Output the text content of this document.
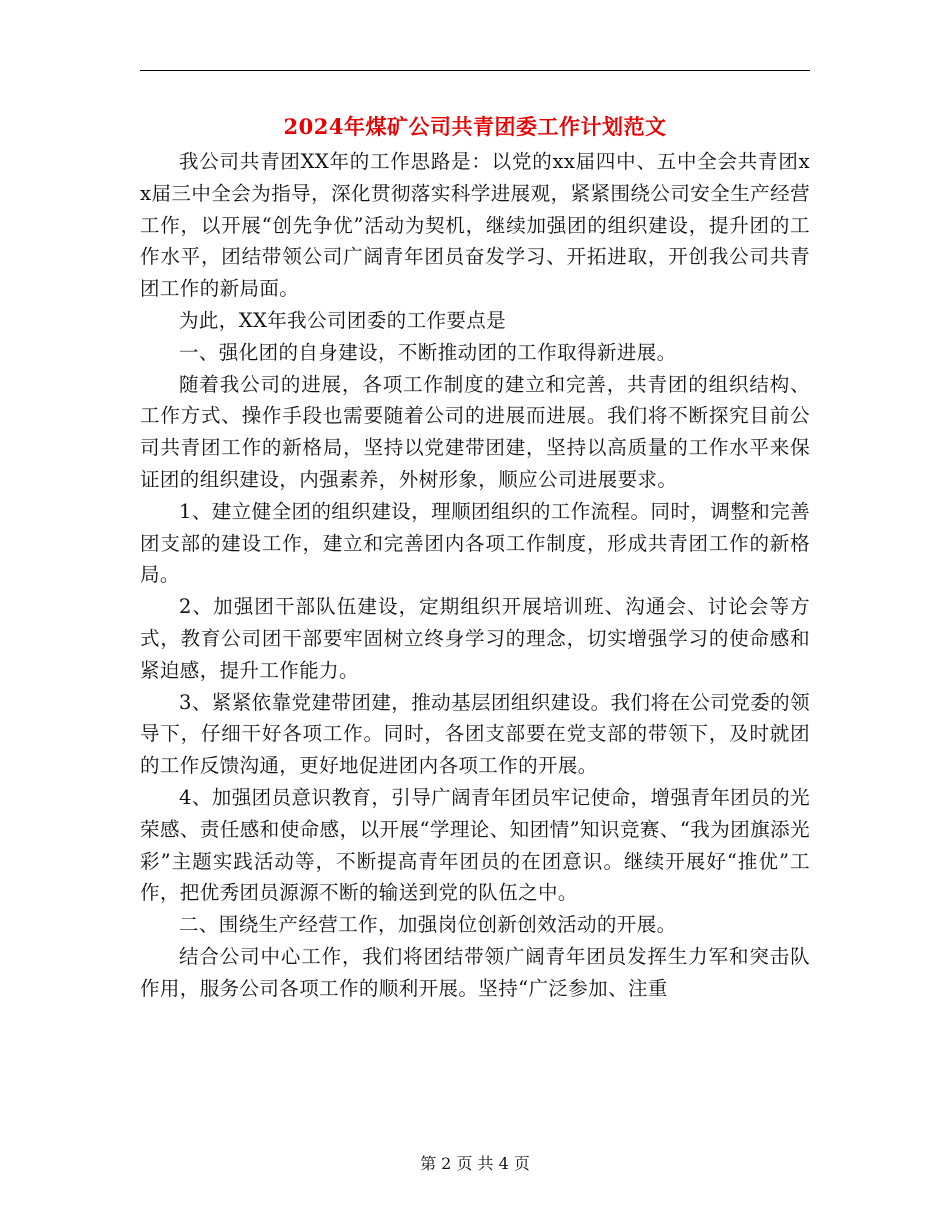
2024年煤矿公司共青团委工作计划范文

我公司共青团XX年的工作思路是：以党的xx届四中、五中全会共青团xx届三中全会为指导，深化贯彻落实科学进展观，紧紧围绕公司安全生产经营工作，以开展“创先争优”活动为契机，继续加强团的组织建设，提升团的工作水平，团结带领公司广阔青年团员奋发学习、开拓进取，开创我公司共青团工作的新局面。

为此，XX年我公司团委的工作要点是

一、强化团的自身建设，不断推动团的工作取得新进展。

随着我公司的进展，各项工作制度的建立和完善，共青团的组织结构、工作方式、操作手段也需要随着公司的进展而进展。我们将不断探究目前公司共青团工作的新格局，坚持以党建带团建，坚持以高质量的工作水平来保证团的组织建设，内强素养，外树形象，顺应公司进展要求。

1、建立健全团的组织建设，理顺团组织的工作流程。同时，调整和完善团支部的建设工作，建立和完善团内各项工作制度，形成共青团工作的新格局。

2、加强团干部队伍建设，定期组织开展培训班、沟通会、讨论会等方式，教育公司团干部要牢固树立终身学习的理念，切实增强学习的使命感和紧迫感，提升工作能力。

3、紧紧依靠党建带团建，推动基层团组织建设。我们将在公司党委的领导下，仔细干好各项工作。同时，各团支部要在党支部的带领下，及时就团的工作反馈沟通，更好地促进团内各项工作的开展。

4、加强团员意识教育，引导广阔青年团员牢记使命，增强青年团员的光荣感、责任感和使命感，以开展“学理论、知团情”知识竞赛、“我为团旗添光彩”主题实践活动等，不断提高青年团员的在团意识。继续开展好“推优”工作，把优秀团员源源不断的输送到党的队伍之中。

二、围绕生产经营工作，加强岗位创新创效活动的开展。

结合公司中心工作，我们将团结带领广阔青年团员发挥生力军和突击队作用，服务公司各项工作的顺利开展。坚持“广泛参加、注重

第 2 页 共 4 页
